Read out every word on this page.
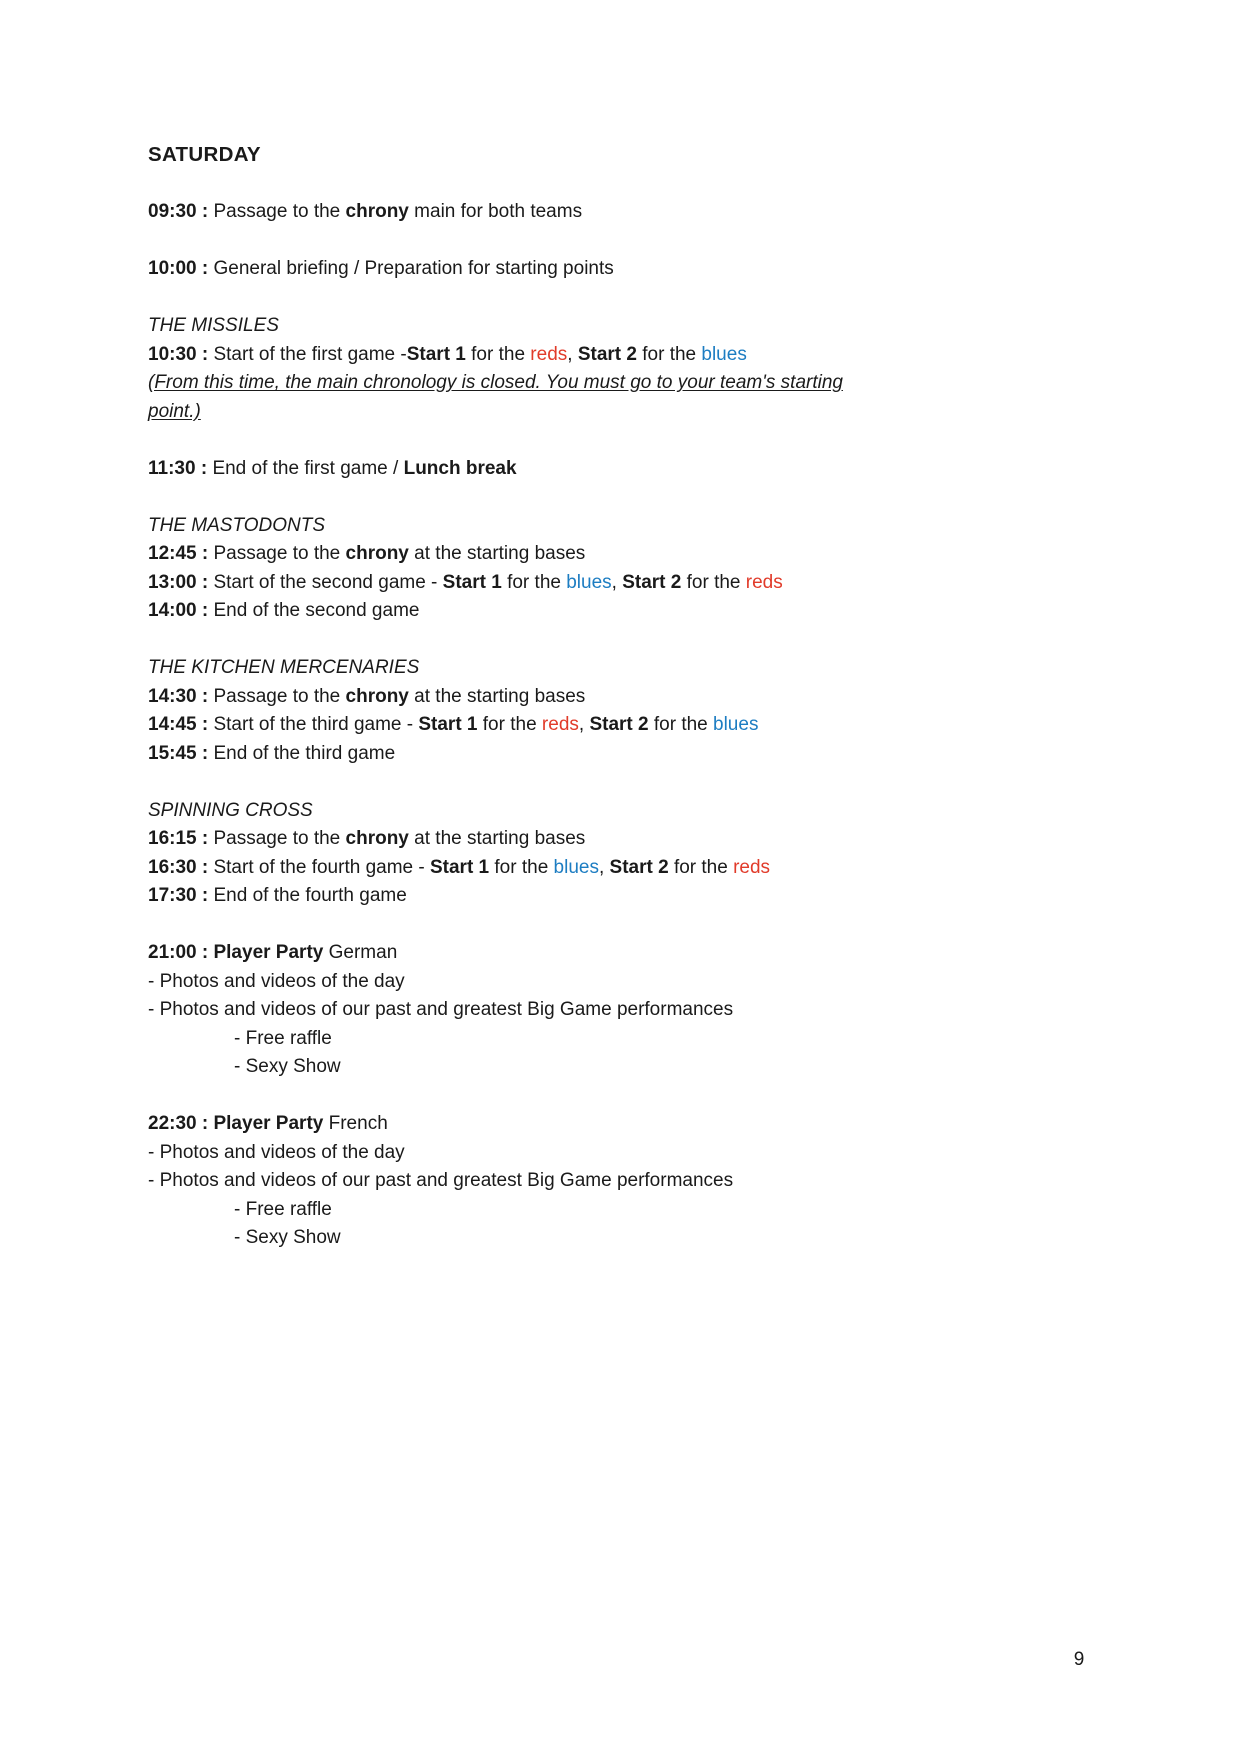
SATURDAY
09:30 : Passage to the chrony main for both teams
10:00 : General briefing / Preparation for starting points
THE MISSILES
10:30 : Start of the first game -Start 1 for the reds, Start 2 for the blues
(From this time, the main chronology is closed. You must go to your team's starting
point.)
11:30 : End of the first game / Lunch break
THE MASTODONTS
12:45 : Passage to the chrony at the starting bases
13:00 : Start of the second game - Start 1 for the blues, Start 2 for the reds
14:00 : End of the second game
THE KITCHEN MERCENARIES
14:30 : Passage to the chrony at the starting bases
14:45 : Start of the third game - Start 1 for the reds, Start 2 for the blues
15:45 : End of the third game
SPINNING CROSS
16:15 : Passage to the chrony at the starting bases
16:30 : Start of the fourth game - Start 1 for the blues, Start 2 for the reds
17:30 : End of the fourth game
21:00 : Player Party German
- Photos and videos of the day
- Photos and videos of our past and greatest Big Game performances
- Free raffle
- Sexy Show
22:30 : Player Party French
- Photos and videos of the day
- Photos and videos of our past and greatest Big Game performances
- Free raffle
- Sexy Show
9
